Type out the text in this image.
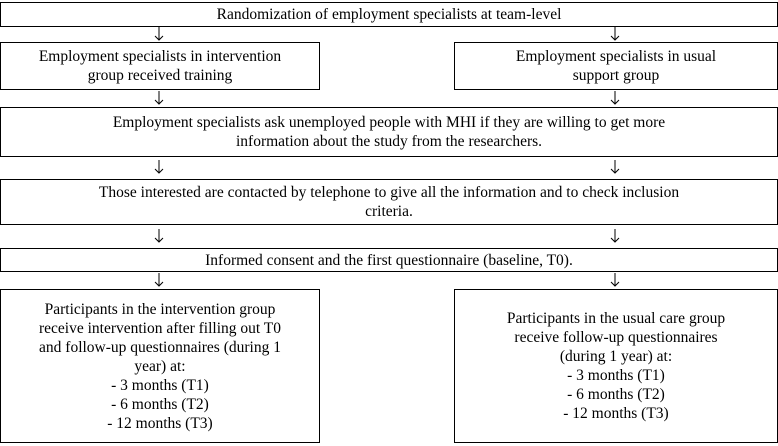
Randomization of employment specialists at team-level
Employment specialists in intervention
group received training
Employment specialists in usual
support group
Employment specialists ask unemployed people with MHI if they are willing to get more
information about the study from the researchers.
Those interested are contacted by telephone to give all the information and to check inclusion
criteria.
Informed consent and the first questionnaire (baseline, T0).
Participants in the intervention group
receive intervention after filling out T0
and follow-up questionnaires (during 1
year) at:
- 3 months (T1)
- 6 months (T2)
- 12 months (T3)
Participants in the usual care group
receive follow-up questionnaires
(during 1 year) at:
- 3 months (T1)
- 6 months (T2)
- 12 months (T3)
